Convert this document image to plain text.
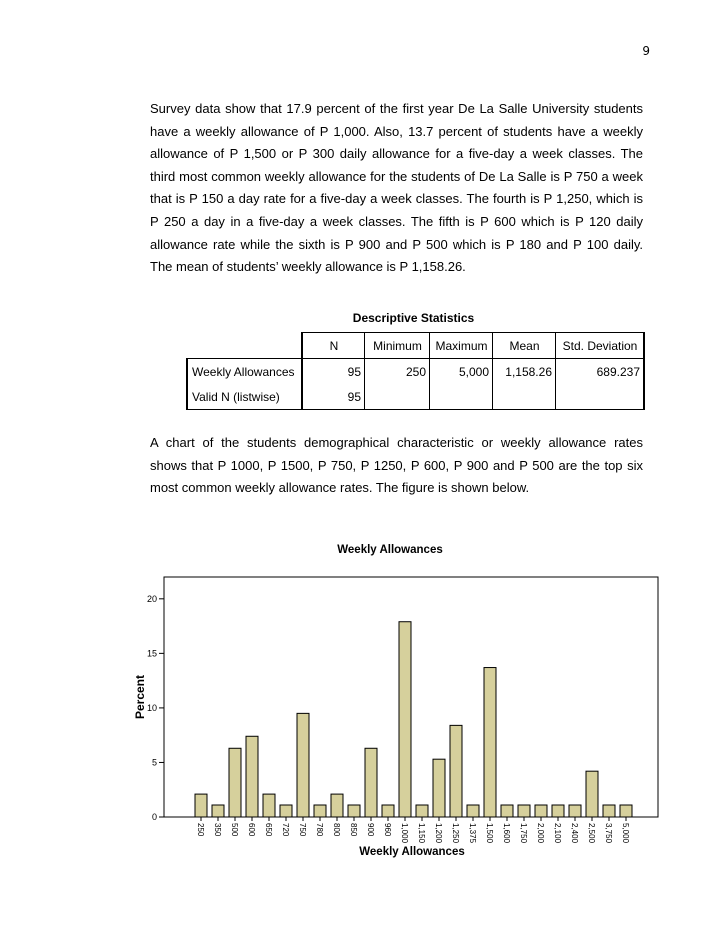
9
Survey data show that 17.9 percent of the first year De La Salle University students
have a weekly allowance of P 1,000. Also, 13.7 percent of students have a weekly
allowance of P 1,500 or P 300 daily allowance for a five-day a week classes. The
third most common weekly allowance for the students of De La Salle is P 750 a week
that is P 150 a day rate for a five-day a week classes. The fourth is P 1,250, which is
P 250 a day in a five-day a week classes. The fifth is P 600 which is P 120 daily
allowance rate while the sixth is P 900 and P 500 which is P 180 and P 100 daily.
The mean of students’ weekly allowance is P 1,158.26.
Descriptive Statistics
	N	Minimum	Maximum	Mean	Std. Deviation
Weekly Allowances	95	250	5,000	1,158.26	689.237
Valid N (listwise)	95				
A chart of the students demographical characteristic or weekly allowance rates
shows that P 1000, P 1500, P 750, P 1250, P 600, P 900 and P 500 are the top six
most common weekly allowance rates. The figure is shown below.
Weekly Allowances
Percent
Weekly Allowances
0
5
10
15
20
250 350 500 600 650 720 750 780 800 850 900 960 1,000 1,150 1,200 1,250 1,375 1,500 1,600 1,750 2,000 2,100 2,400 2,500 3,750 5,000
